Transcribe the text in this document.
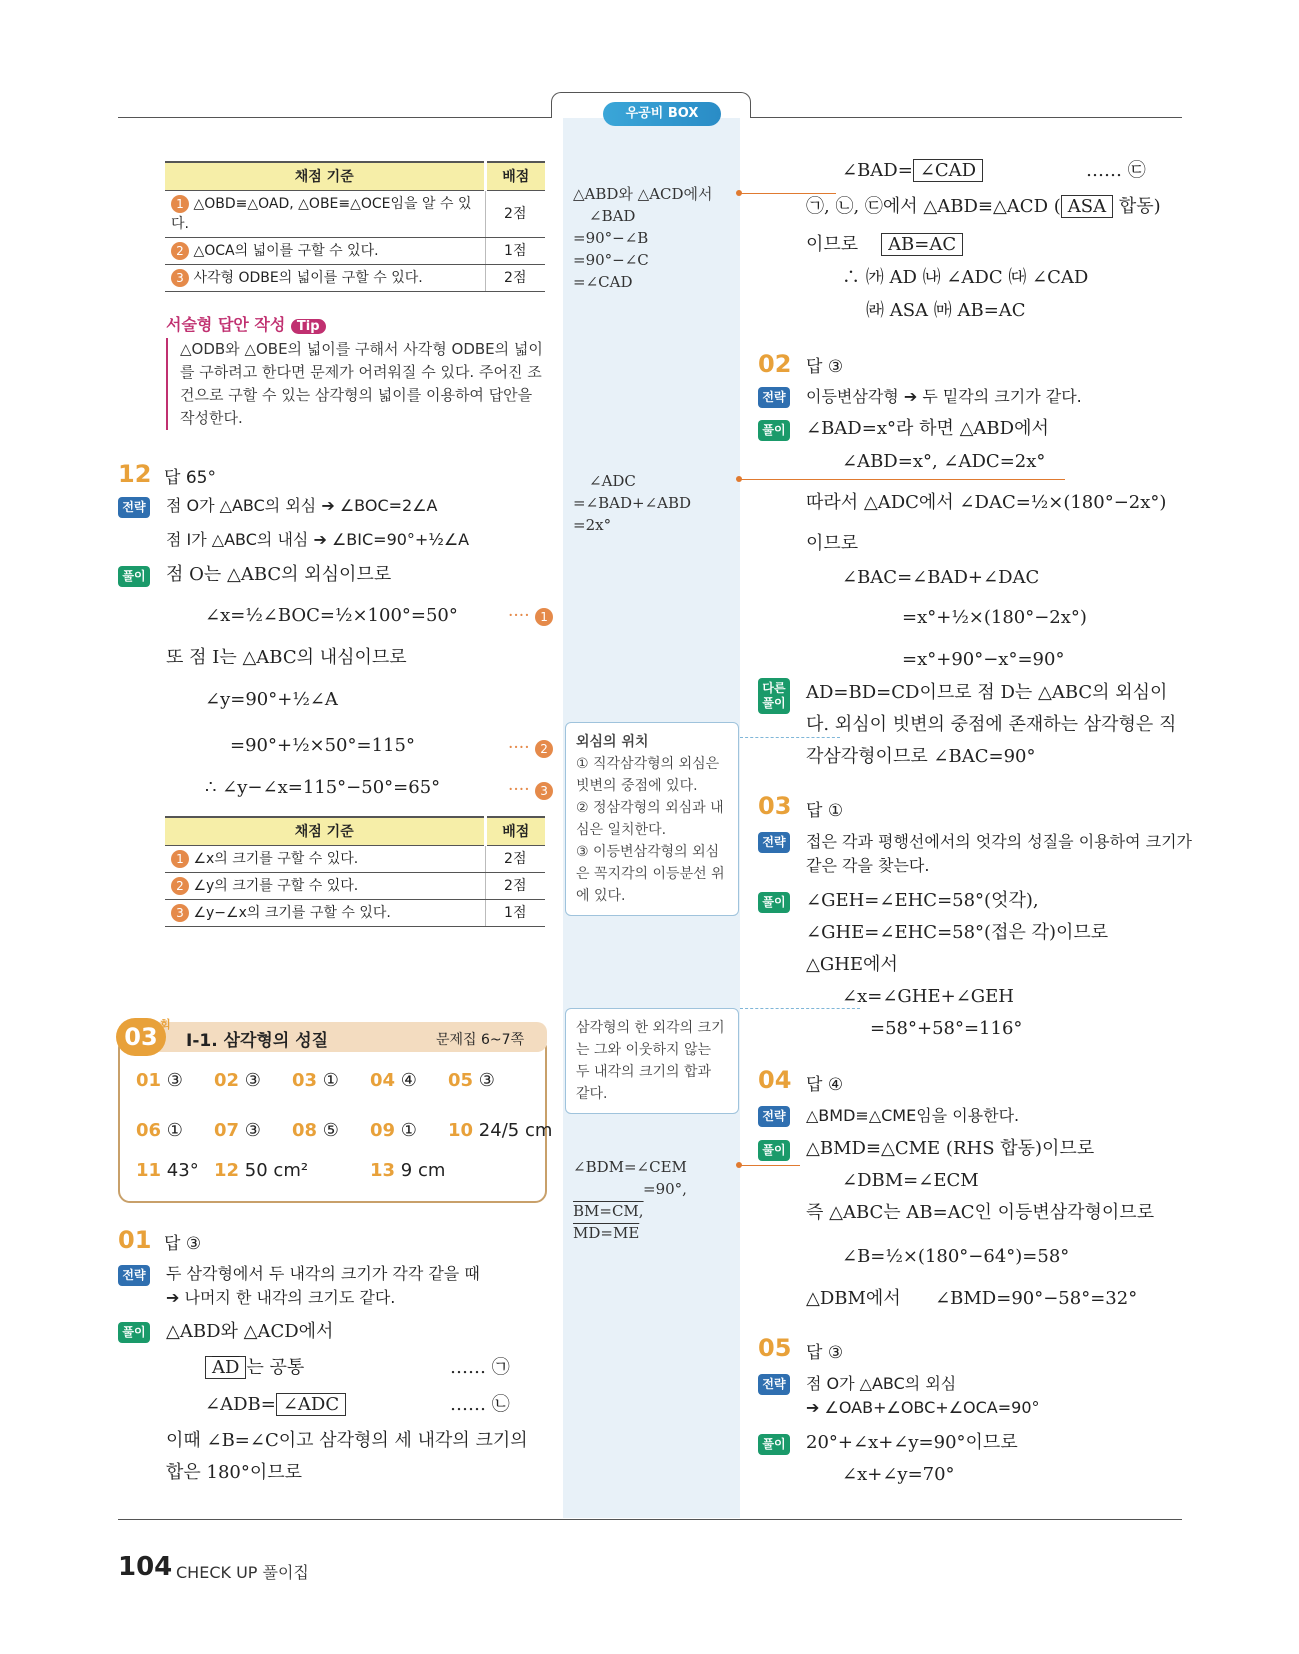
우공비 BOX
채점 기준	배점
1 △OBD≡△OAD, △OBE≡△OCE임을 알 수 있다.	2점
2 △OCA의 넓이를 구할 수 있다.	1점
3 사각형 ODBE의 넓이를 구할 수 있다.	2점
서술형 답안 작성 Tip
△ODB와 △OBE의 넓이를 구해서 사각형 ODBE의 넓이를 구하려고 한다면 문제가 어려워질 수 있다. 주어진 조건으로 구할 수 있는 삼각형의 넓이를 이용하여 답안을 작성한다.
12 답 65°
전략 점 O가 △ABC의 외심 ➔ ∠BOC=2∠A
점 I가 △ABC의 내심 ➔ ∠BIC=90°+½∠A
풀이 점 O는 △ABC의 외심이므로
∠x=½∠BOC=½×100°=50°	···· 1
또 점 I는 △ABC의 내심이므로
∠y=90°+½∠A
=90°+½×50°=115°	···· 2
∴ ∠y−∠x=115°−50°=65°	···· 3
채점 기준	배점
1 ∠x의 크기를 구할 수 있다.	2점
2 ∠y의 크기를 구할 수 있다.	2점
3 ∠y−∠x의 크기를 구할 수 있다.	1점
03 회
Ⅰ-1. 삼각형의 성질	문제집 6~7쪽
01 ③ 02 ③ 03 ① 04 ④ 05 ③
06 ① 07 ③ 08 ⑤ 09 ① 10 24/5 cm
11 43° 12 50 cm²	13 9 cm
01 답 ③
전략 두 삼각형에서 두 내각의 크기가 각각 같을 때
➔ 나머지 한 내각의 크기도 같다.
풀이 △ABD와 △ACD에서
$\overline{AD}$ 는 공통	…… ㉠
∠ADB= ∠ADC	…… ㉡
이때 ∠B=∠C이고 삼각형의 세 내각의 크기의
합은 180°이므로
△ABD와 △ACD에서
∠BAD
=90°−∠B
=90°−∠C
=∠CAD
∠ADC
=∠BAD+∠ABD
=2x°
외심의 위치
① 직각삼각형의 외심은 빗변의 중점에 있다.
② 정삼각형의 외심과 내심은 일치한다.
③ 이등변삼각형의 외심은 꼭지각의 이등분선 위에 있다.
삼각형의 한 외각의 크기는 그와 이웃하지 않는 두 내각의 크기의 합과 같다.
∠BDM=∠CEM
=90°,
BM=CM,
MD=ME
∠BAD= ∠CAD	…… ㉢
㉠, ㉡, ㉢에서 △ABD≡△ACD ( ASA 합동)
이므로 AB=AC
∴ ㈎ AD ㈏ ∠ADC ㈐ ∠CAD
㈑ ASA ㈒ AB=AC
02 답 ③
전략 이등변삼각형 ➔ 두 밑각의 크기가 같다.
풀이 ∠BAD=x°라 하면 △ABD에서
∠ABD=x°, ∠ADC=2x°
따라서 △ADC에서 ∠DAC=½×(180°−2x°)
이므로
∠BAC=∠BAD+∠DAC
=x°+½×(180°−2x°)
=x°+90°−x°=90°
다른풀이 AD=BD=CD이므로 점 D는 △ABC의 외심이
다. 외심이 빗변의 중점에 존재하는 삼각형은 직
각삼각형이므로 ∠BAC=90°
03 답 ①
전략 접은 각과 평행선에서의 엇각의 성질을 이용하여 크기가
같은 각을 찾는다.
풀이 ∠GEH=∠EHC=58°(엇각),
∠GHE=∠EHC=58°(접은 각)이므로
△GHE에서
∠x=∠GHE+∠GEH
=58°+58°=116°
04 답 ④
전략 △BMD≡△CME임을 이용한다.
풀이 △BMD≡△CME (RHS 합동)이므로
∠DBM=∠ECM
즉 △ABC는 AB=AC인 이등변삼각형이므로
∠B=½×(180°−64°)=58°
△DBM에서 ∠BMD=90°−58°=32°
05 답 ③
전략 점 O가 △ABC의 외심
➔ ∠OAB+∠OBC+∠OCA=90°
풀이 20°+∠x+∠y=90°이므로
∠x+∠y=70°
104 CHECK UP 풀이집
